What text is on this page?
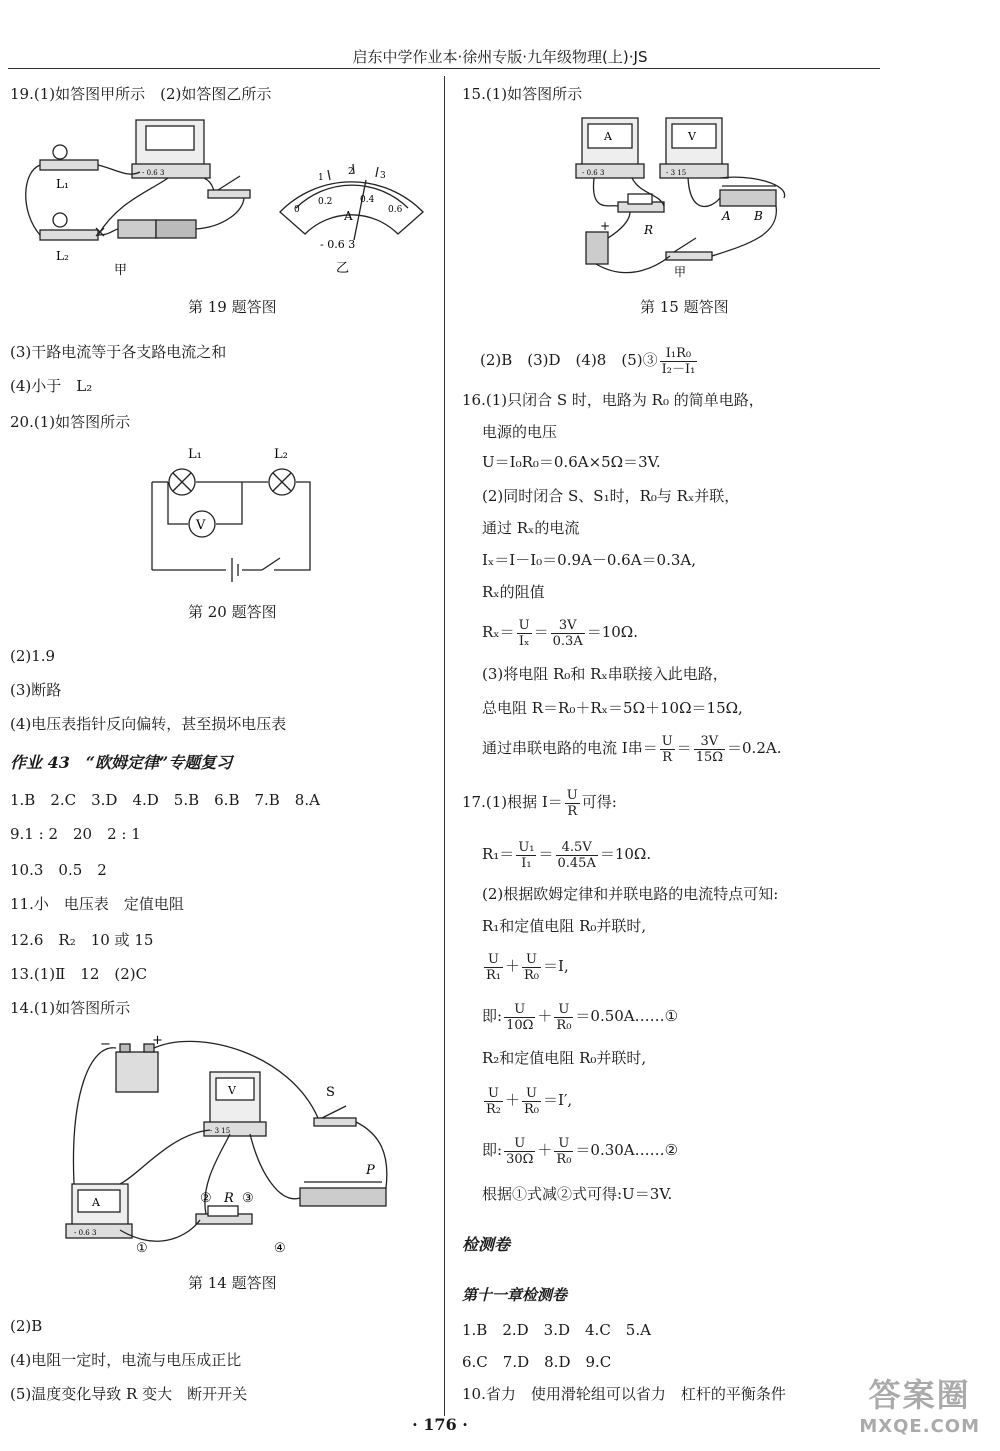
启东中学作业本·徐州专版·九年级物理(上)·JS
19.(1)如答图甲所示　(2)如答图乙所示
L₁
L₂
甲
- 0.6 3	1
2	3
0
0.2	0.4
0.6
A
- 0.6 3
乙
第 19 题答图
(3)干路电流等于各支路电流之和
(4)小于　L₂
20.(1)如答图所示
L₁	L₂
V
第 20 题答图
(2)1.9
(3)断路
(4)电压表指针反向偏转，甚至损坏电压表
作业 43　“欧姆定律”专题复习
1.B　2.C　3.D　4.D　5.B　6.B　7.B　8.A
9.1 : 2　20　2 : 1
10.3　0.5　2
11.小　电压表　定值电阻
12.6　R₂　10 或 15
13.(1)Ⅱ　12　(2)C
14.(1)如答图所示
−	+
V
- 3 15
A
- 0.6 3
S
R
P
①
② ③
④
第 14 题答图
(2)B
(4)电阻一定时，电流与电压成正比
(5)温度变化导致 R 变大　断开开关
15.(1)如答图所示
A
- 0.6 3
V
- 3 15
R
A B
+
甲
第 15 题答图
(2)B　(3)D　(4)8　(5)③ $\frac{\text{I₁R₀}}{\text{I₂－I₁}}$
16.(1)只闭合 S 时，电路为 R₀ 的简单电路，
电源的电压
U＝I₀R₀＝0.6A×5Ω＝3V.
(2)同时闭合 S、S₁时，R₀与 Rₓ并联，
通过 Rₓ的电流
Iₓ＝I－I₀＝0.9A－0.6A＝0.3A,
Rₓ的阻值
$R_x= \frac{U}{\text{Iₓ}} = \frac{3V}{0.3A} =10\Omega$.
(3)将电阻 R₀和 Rₓ串联接入此电路，
总电阻 R＝R₀＋Rₓ＝5Ω＋10Ω＝15Ω,
通过串联电路的电流 I串＝ $\frac{U}{R} = \frac{3V}{15\Omega} =0.2A$.
17.(1)根据 $I= \frac{U}{R}$ 可得:
$R_1= \frac{\text{U₁}}{\text{I₁}} = \frac{4.5V}{0.45A} =10\Omega$.
(2)根据欧姆定律和并联电路的电流特点可知:
R₁和定值电阻 R₀并联时,
$\frac{U}{\text{R₁}} + \frac{U}{\text{R₀}} =I$,
即: $\frac{U}{10\Omega} + \frac{U}{\text{R₀}}$ ＝0.50A……①
R₂和定值电阻 R₀并联时,
$\frac{U}{\text{R₂}} + \frac{U}{\text{R₀}} =I'$,
即: $\frac{U}{30\Omega} + \frac{U}{\text{R₀}}$ ＝0.30A……②
根据①式减②式可得:U＝3V.
检测卷
第十一章检测卷
1.B　2.D　3.D　4.C　5.A
6.C　7.D　8.D　9.C
10.省力　使用滑轮组可以省力　杠杆的平衡条件
· 176 ·
答案圈
MXQE.COM
